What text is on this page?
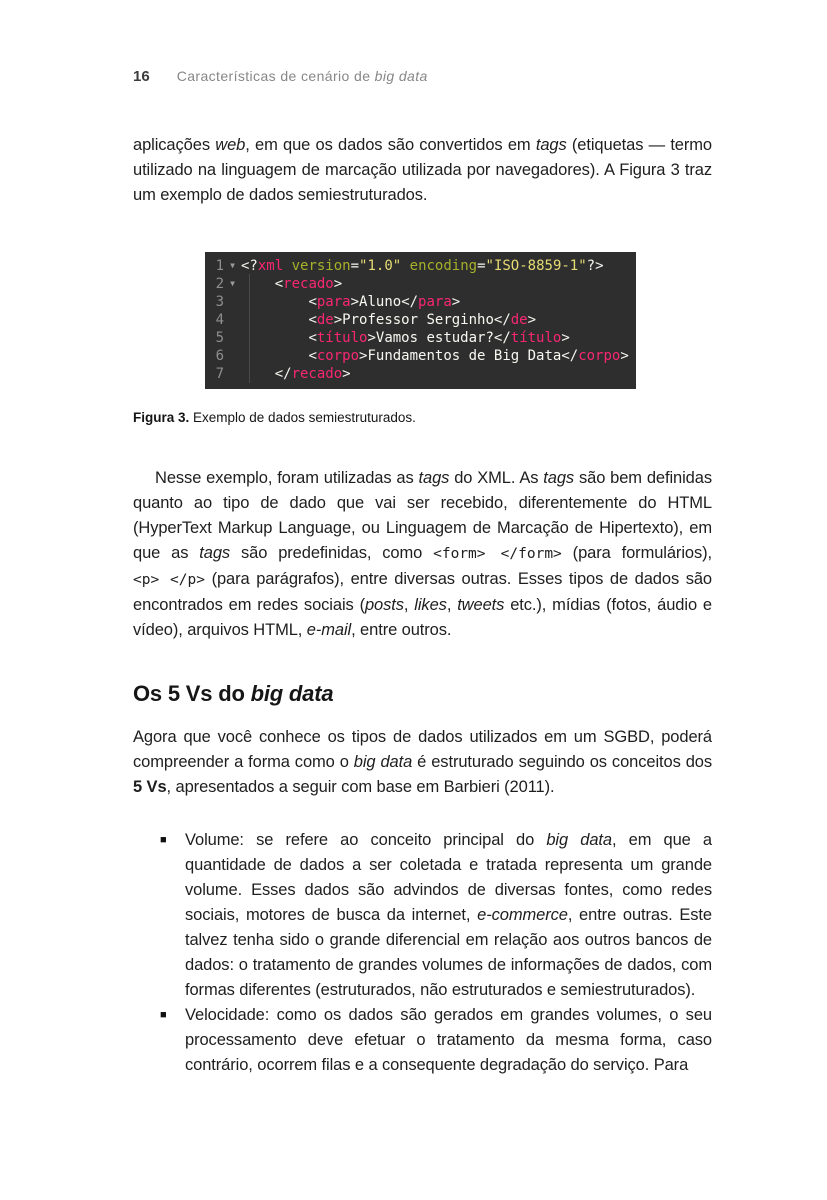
16 Características de cenário de big data

aplicações web, em que os dados são convertidos em tags (etiquetas — termo utilizado na linguagem de marcação utilizada por navegadores). A Figura 3 traz um exemplo de dados semiestruturados.

1 ▼ <?xml version="1.0" encoding="ISO-8859-1"?>
2 ▼	<recado>
3	<para>Aluno</para>
4	<de>Professor Serginho</de>
5	<título>Vamos estudar?</título>
6	<corpo>Fundamentos de Big Data</corpo>
7	</recado>
Figura 3. Exemplo de dados semiestruturados.

Nesse exemplo, foram utilizadas as tags do XML. As tags são bem definidas quanto ao tipo de dado que vai ser recebido, diferentemente do HTML (HyperText Markup Language, ou Linguagem de Marcação de Hipertexto), em que as tags são predefinidas, como <form> </form> (para formulários), <p> </p> (para parágrafos), entre diversas outras. Esses tipos de dados são encontrados em redes sociais (posts, likes, tweets etc.), mídias (fotos, áudio e vídeo), arquivos HTML, e-mail, entre outros.

Os 5 Vs do big data

Agora que você conhece os tipos de dados utilizados em um SGBD, poderá compreender a forma como o big data é estruturado seguindo os conceitos dos 5 Vs, apresentados a seguir com base em Barbieri (2011).

■	Volume: se refere ao conceito principal do big data, em que a quantidade de dados a ser coletada e tratada representa um grande volume. Esses dados são advindos de diversas fontes, como redes sociais, motores de busca da internet, e-commerce, entre outras. Este talvez tenha sido o grande diferencial em relação aos outros bancos de dados: o tratamento de grandes volumes de informações de dados, com formas diferentes (estruturados, não estruturados e semiestruturados).
■	Velocidade: como os dados são gerados em grandes volumes, o seu processamento deve efetuar o tratamento da mesma forma, caso contrário, ocorrem filas e a consequente degradação do serviço. Para
